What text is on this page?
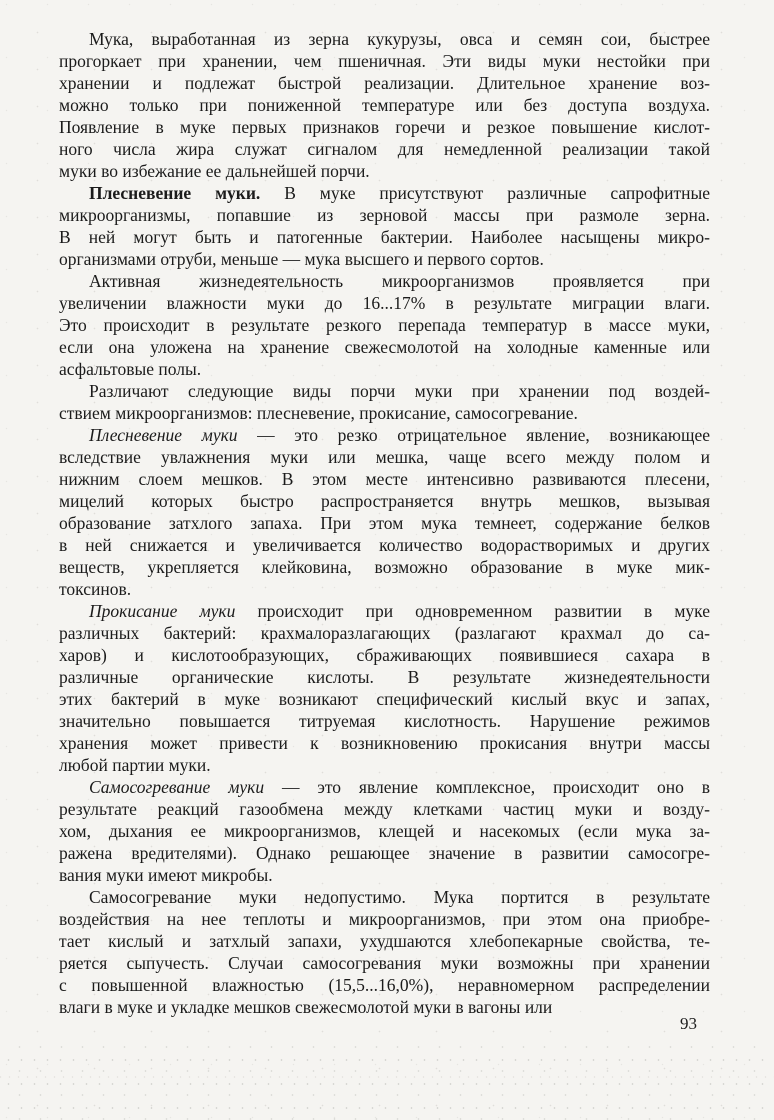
Мука, выработанная из зерна кукурузы, овса и семян сои, быстрее
прогоркает при хранении, чем пшеничная. Эти виды муки нестойки при
хранении и подлежат быстрой реализации. Длительное хранение воз-
можно только при пониженной температуре или без доступа воздуха.
Появление в муке первых признаков горечи и резкое повышение кислот-
ного числа жира служат сигналом для немедленной реализации такой
муки во избежание ее дальнейшей порчи.
Плесневение муки. В муке присутствуют различные сапрофитные
микроорганизмы, попавшие из зерновой массы при размоле зерна.
В ней могут быть и патогенные бактерии. Наиболее насыщены микро-
организмами отруби, меньше — мука высшего и первого сортов.
Активная жизнедеятельность микроорганизмов проявляется при
увеличении влажности муки до 16...17% в результате миграции влаги.
Это происходит в результате резкого перепада температур в массе муки,
если она уложена на хранение свежесмолотой на холодные каменные или
асфальтовые полы.
Различают следующие виды порчи муки при хранении под воздей-
ствием микроорганизмов: плесневение, прокисание, самосогревание.
Плесневение муки — это резко отрицательное явление, возникающее
вследствие увлажнения муки или мешка, чаще всего между полом и
нижним слоем мешков. В этом месте интенсивно развиваются плесени,
мицелий которых быстро распространяется внутрь мешков, вызывая
образование затхлого запаха. При этом мука темнеет, содержание белков
в ней снижается и увеличивается количество водорастворимых и других
веществ, укрепляется клейковина, возможно образование в муке мик-
токсинов.
Прокисание муки происходит при одновременном развитии в муке
различных бактерий: крахмалоразлагающих (разлагают крахмал до са-
харов) и кислотообразующих, сбраживающих появившиеся сахара в
различные органические кислоты. В результате жизнедеятельности
этих бактерий в муке возникают специфический кислый вкус и запах,
значительно повышается титруемая кислотность. Нарушение режимов
хранения может привести к возникновению прокисания внутри массы
любой партии муки.
Самосогревание муки — это явление комплексное, происходит оно в
результате реакций газообмена между клетками частиц муки и возду-
хом, дыхания ее микроорганизмов, клещей и насекомых (если мука за-
ражена вредителями). Однако решающее значение в развитии самосогре-
вания муки имеют микробы.
Самосогревание муки недопустимо. Мука портится в результате
воздействия на нее теплоты и микроорганизмов, при этом она приобре-
тает кислый и затхлый запахи, ухудшаются хлебопекарные свойства, те-
ряется сыпучесть. Случаи самосогревания муки возможны при хранении
с повышенной влажностью (15,5...16,0%), неравномерном распределении
влаги в муке и укладке мешков свежесмолотой муки в вагоны или
93
